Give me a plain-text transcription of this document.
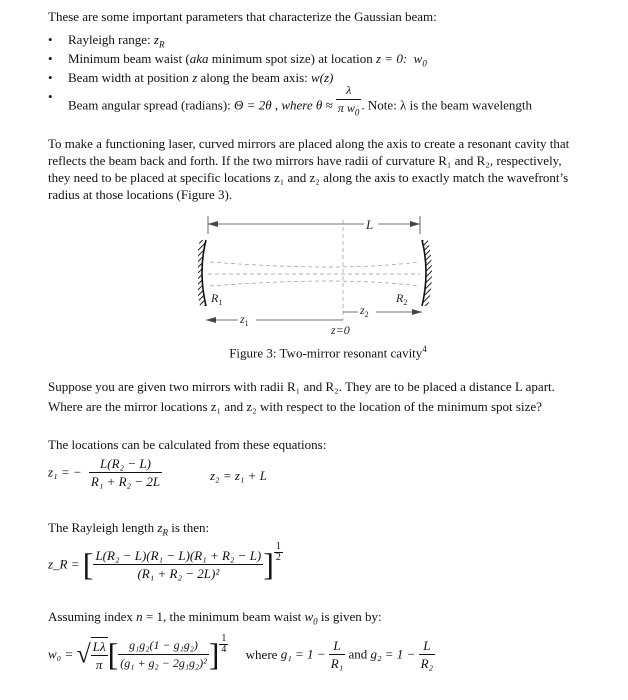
These are some important parameters that characterize the Gaussian beam:

• Rayleigh range: $z_R$
• Minimum beam waist (aka minimum spot size) at location z = 0: $w_0$
• Beam width at position z along the beam axis: w(z)
• Beam angular spread (radians): Θ = 2θ , where $\theta \approx \frac{\lambda}{\pi w_0}$ . Note: λ is the beam wavelength

To make a functioning laser, curved mirrors are placed along the axis to create a resonant cavity that reflects the beam back and forth. If the two mirrors have radii of curvature R₁ and R₂, respectively, they need to be placed at specific locations z₁ and z₂ along the axis to exactly match the wavefront’s radius at those locations (Figure 3).

L
$R_1$	$R_2$
$z_1$
$z_2$
z=0

Figure 3: Two-mirror resonant cavity$^4$

Suppose you are given two mirrors with radii R₁ and R₂. They are to be placed a distance L apart. Where are the mirror locations z₁ and z₂ with respect to the location of the minimum spot size?

The locations can be calculated from these equations:

z₁ = − $\frac{\text{L(R₂ − L)}}{\text{R₁ + R₂ − 2L}}$	z₂ = z₁ + L

The Rayleigh length $z_R$ is then:

z_R = [ $\frac{\text{L(R₂ − L)(R₁ − L)(R₁ + R₂ − L)}}{\text{(R₁ + R₂ − 2L)²}}$ ] $\frac{1}{2}$

Assuming index n = 1, the minimum beam waist $w_0$ is given by:

w₀ = √ $\frac{L\lambda}{\pi}$ [ $\frac{\text{g₁g₂(1 − g₁g₂)}}{\text{(g₁ + g₂ − 2g₁g₂)²}}$ ] $\frac{1}{4}$ where $g_1 = 1 - \frac{L}{\text{R₁}}$ and $g_2 = 1 - \frac{L}{\text{R₂}}$
